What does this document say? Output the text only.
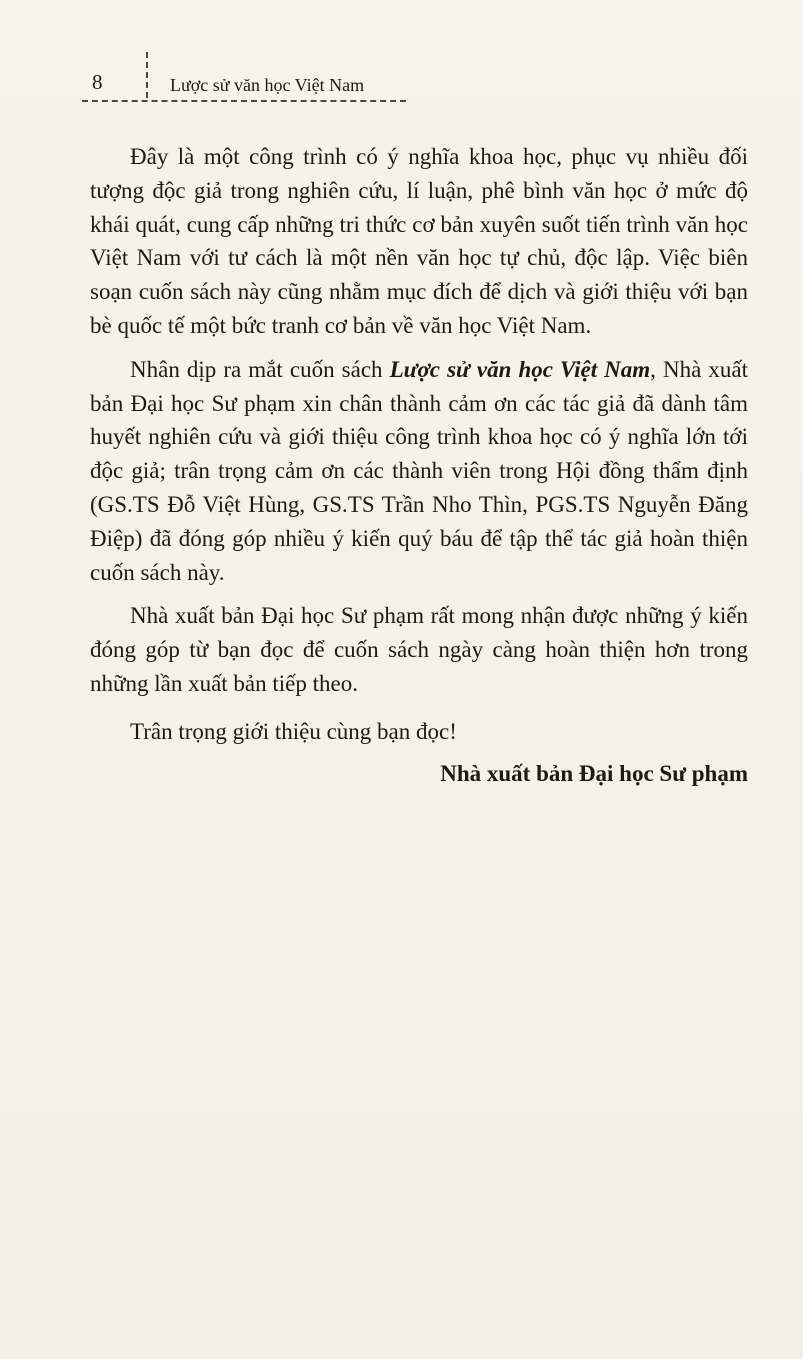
8	Lược sử văn học Việt Nam

Đây là một công trình có ý nghĩa khoa học, phục vụ nhiều đối tượng độc giả trong nghiên cứu, lí luận, phê bình văn học ở mức độ khái quát, cung cấp những tri thức cơ bản xuyên suốt tiến trình văn học Việt Nam với tư cách là một nền văn học tự chủ, độc lập. Việc biên soạn cuốn sách này cũng nhằm mục đích để dịch và giới thiệu với bạn bè quốc tế một bức tranh cơ bản về văn học Việt Nam.

Nhân dịp ra mắt cuốn sách Lược sử văn học Việt Nam, Nhà xuất bản Đại học Sư phạm xin chân thành cảm ơn các tác giả đã dành tâm huyết nghiên cứu và giới thiệu công trình khoa học có ý nghĩa lớn tới độc giả; trân trọng cảm ơn các thành viên trong Hội đồng thẩm định (GS.TS Đỗ Việt Hùng, GS.TS Trần Nho Thìn, PGS.TS Nguyễn Đăng Điệp) đã đóng góp nhiều ý kiến quý báu để tập thể tác giả hoàn thiện cuốn sách này.

Nhà xuất bản Đại học Sư phạm rất mong nhận được những ý kiến đóng góp từ bạn đọc để cuốn sách ngày càng hoàn thiện hơn trong những lần xuất bản tiếp theo.

Trân trọng giới thiệu cùng bạn đọc!

Nhà xuất bản Đại học Sư phạm
